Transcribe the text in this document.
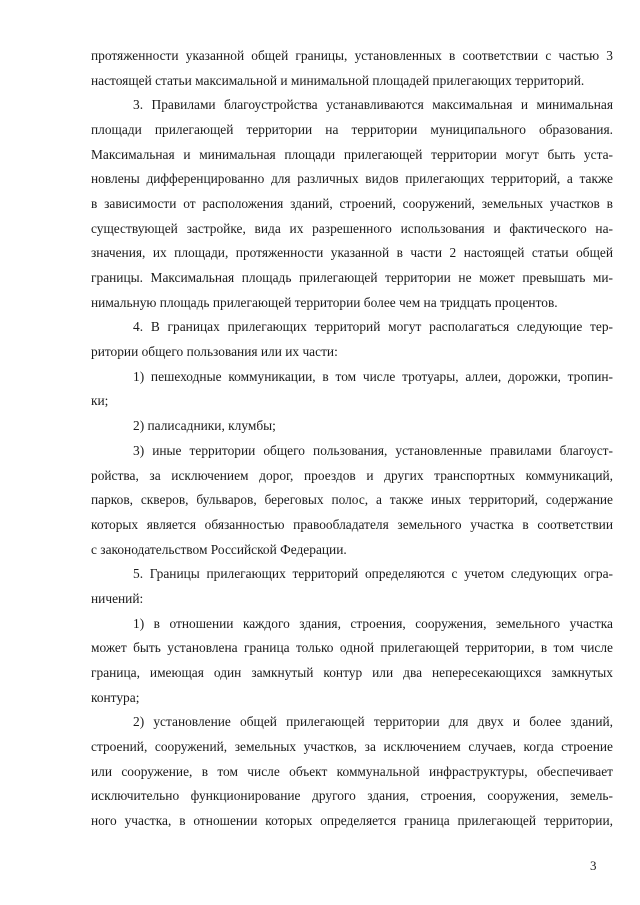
протяженности указанной общей границы, установленных в соответствии с частью 3
настоящей статьи максимальной и минимальной площадей прилегающих территорий.
3. Правилами благоустройства устанавливаются максимальная и минимальная
площади прилегающей территории на территории муниципального образования.
Максимальная и минимальная площади прилегающей территории могут быть уста-
новлены дифференцированно для различных видов прилегающих территорий, а также
в зависимости от расположения зданий, строений, сооружений, земельных участков в
существующей застройке, вида их разрешенного использования и фактического на-
значения, их площади, протяженности указанной в части 2 настоящей статьи общей
границы. Максимальная площадь прилегающей территории не может превышать ми-
нимальную площадь прилегающей территории более чем на тридцать процентов.
4. В границах прилегающих территорий могут располагаться следующие тер-
ритории общего пользования или их части:
1) пешеходные коммуникации, в том числе тротуары, аллеи, дорожки, тропин-
ки;
2) палисадники, клумбы;
3) иные территории общего пользования, установленные правилами благоуст-
ройства, за исключением дорог, проездов и других транспортных коммуникаций,
парков, скверов, бульваров, береговых полос, а также иных территорий, содержание
которых является обязанностью правообладателя земельного участка в соответствии
с законодательством Российской Федерации.
5. Границы прилегающих территорий определяются с учетом следующих огра-
ничений:
1) в отношении каждого здания, строения, сооружения, земельного участка
может быть установлена граница только одной прилегающей территории, в том числе
граница, имеющая один замкнутый контур или два непересекающихся замкнутых
контура;
2) установление общей прилегающей территории для двух и более зданий,
строений, сооружений, земельных участков, за исключением случаев, когда строение
или сооружение, в том числе объект коммунальной инфраструктуры, обеспечивает
исключительно функционирование другого здания, строения, сооружения, земель-
ного участка, в отношении которых определяется граница прилегающей территории,
3
